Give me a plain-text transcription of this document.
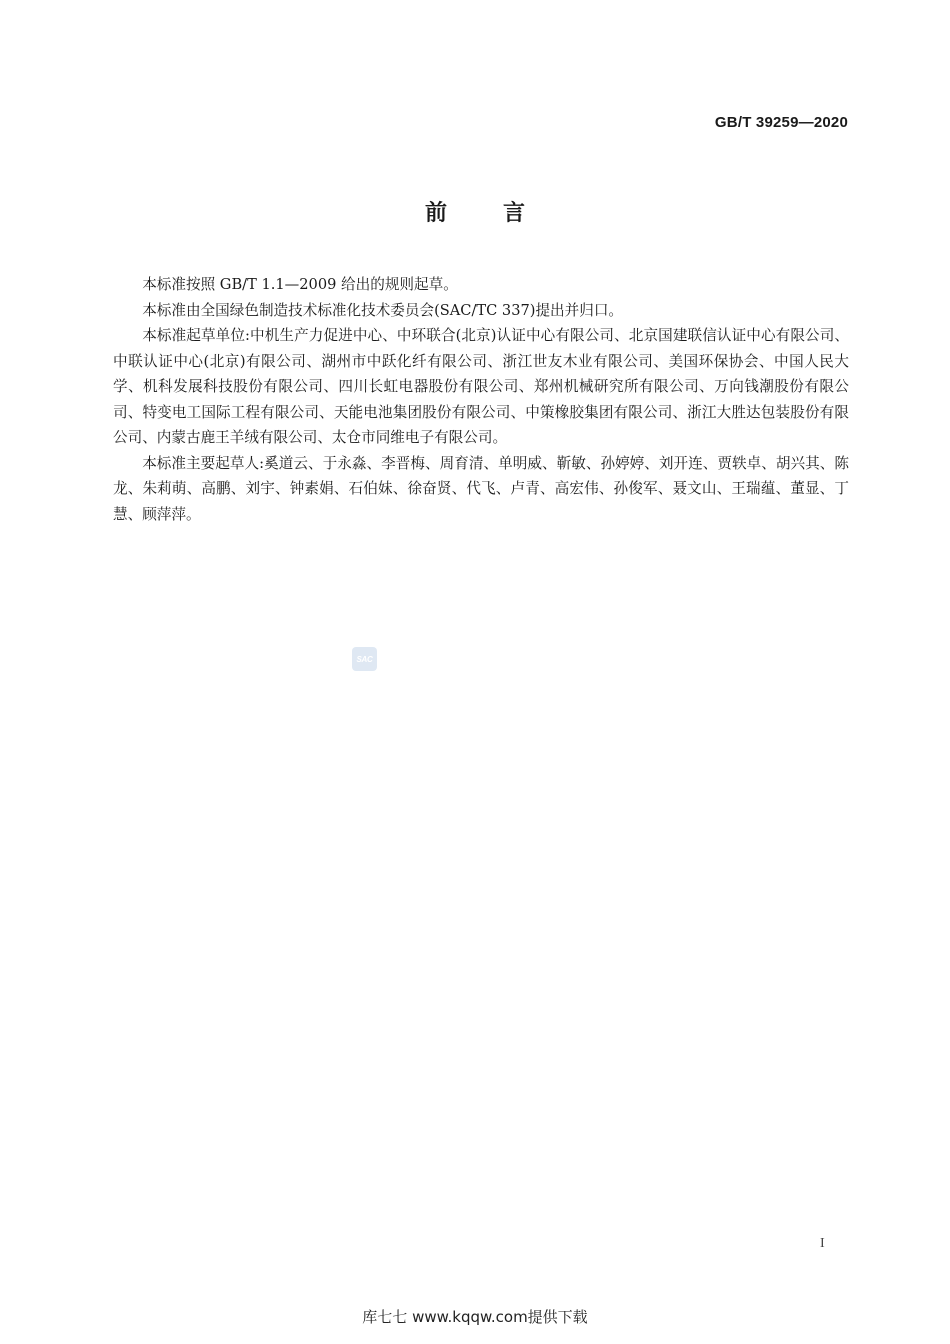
GB/T 39259—2020
前言

本标准按照 GB/T 1.1—2009 给出的规则起草。

本标准由全国绿色制造技术标准化技术委员会(SAC/TC 337)提出并归口。

本标准起草单位:中机生产力促进中心、中环联合(北京)认证中心有限公司、北京国建联信认证中心有限公司、中联认证中心(北京)有限公司、湖州市中跃化纤有限公司、浙江世友木业有限公司、美国环保协会、中国人民大学、机科发展科技股份有限公司、四川长虹电器股份有限公司、郑州机械研究所有限公司、万向钱潮股份有限公司、特变电工国际工程有限公司、天能电池集团股份有限公司、中策橡胶集团有限公司、浙江大胜达包装股份有限公司、内蒙古鹿王羊绒有限公司、太仓市同维电子有限公司。

本标准主要起草人:奚道云、于永淼、李晋梅、周育清、单明威、靳敏、孙婷婷、刘开连、贾轶卓、胡兴其、陈龙、朱莉萌、高鹏、刘宇、钟素娟、石伯妹、徐奋贤、代飞、卢青、高宏伟、孙俊军、聂文山、王瑞蕴、董显、丁慧、顾萍萍。

SAC
I
库七七 www.kqqw.com提供下载
